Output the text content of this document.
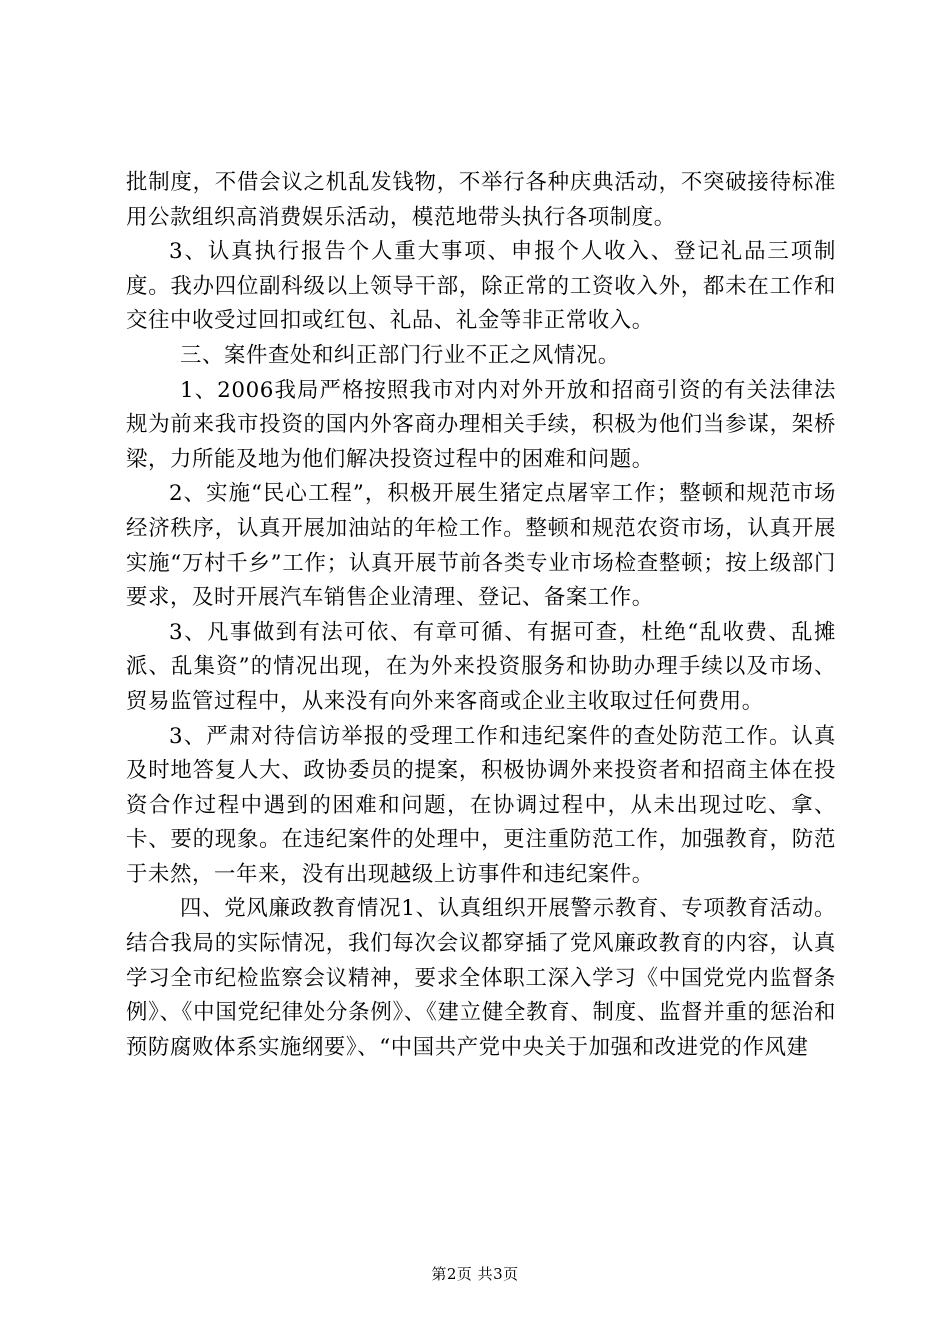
批制度，不借会议之机乱发钱物，不举行各种庆典活动，不突破接待标准用公款组织高消费娱乐活动，模范地带头执行各项制度。

3、认真执行报告个人重大事项、申报个人收入、登记礼品三项制度。我办四位副科级以上领导干部，除正常的工资收入外，都未在工作和交往中收受过回扣或红包、礼品、礼金等非正常收入。

三、案件查处和纠正部门行业不正之风情况。

1、2006我局严格按照我市对内对外开放和招商引资的有关法律法规为前来我市投资的国内外客商办理相关手续，积极为他们当参谋，架桥梁，力所能及地为他们解决投资过程中的困难和问题。

2、实施“民心工程”，积极开展生猪定点屠宰工作；整顿和规范市场经济秩序，认真开展加油站的年检工作。整顿和规范农资市场，认真开展实施“万村千乡”工作；认真开展节前各类专业市场检查整顿；按上级部门要求，及时开展汽车销售企业清理、登记、备案工作。

3、凡事做到有法可依、有章可循、有据可查，杜绝“乱收费、乱摊派、乱集资”的情况出现，在为外来投资服务和协助办理手续以及市场、贸易监管过程中，从来没有向外来客商或企业主收取过任何费用。

3、严肃对待信访举报的受理工作和违纪案件的查处防范工作。认真及时地答复人大、政协委员的提案，积极协调外来投资者和招商主体在投资合作过程中遇到的困难和问题，在协调过程中，从未出现过吃、拿、卡、要的现象。在违纪案件的处理中，更注重防范工作，加强教育，防范于未然，一年来，没有出现越级上访事件和违纪案件。

四、党风廉政教育情况1、认真组织开展警示教育、专项教育活动。结合我局的实际情况，我们每次会议都穿插了党风廉政教育的内容，认真学习全市纪检监察会议精神，要求全体职工深入学习《中国党党内监督条例》、《中国党纪律处分条例》、《建立健全教育、制度、监督并重的惩治和预防腐败体系实施纲要》、“中国共产党中央关于加强和改进党的作风建

第2页 共3页
